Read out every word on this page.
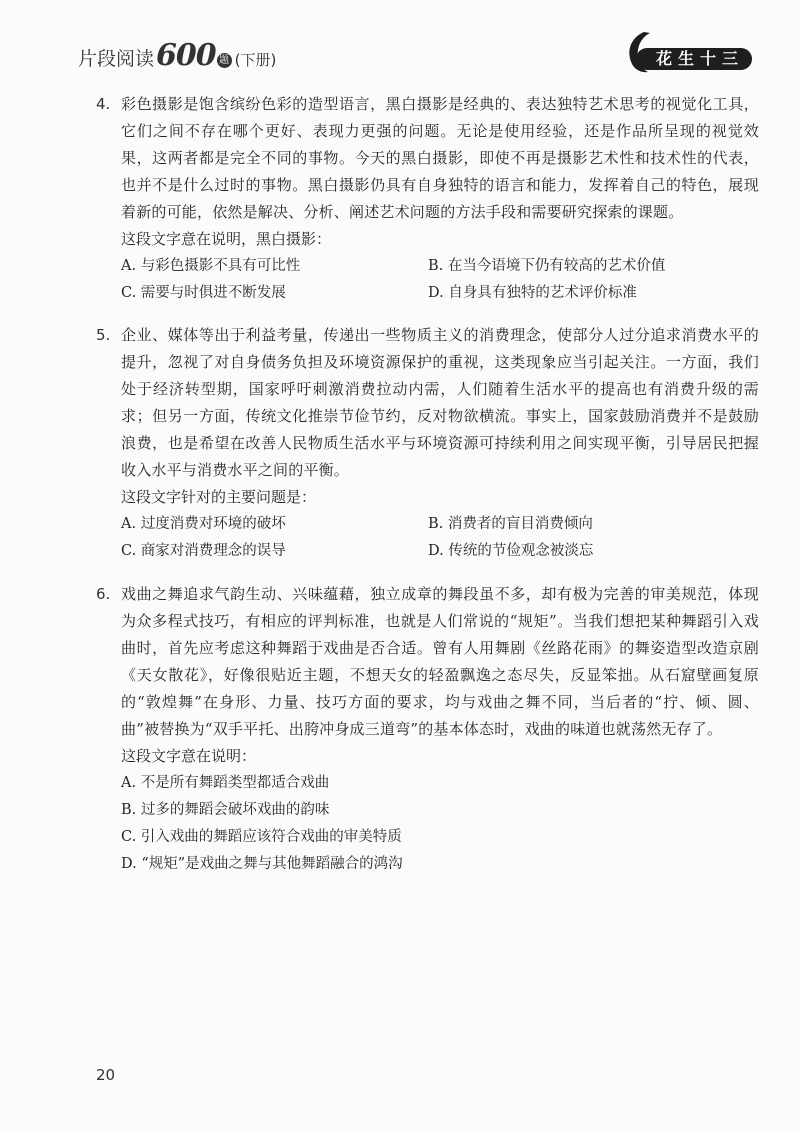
片段阅读 600 题 (下册)	花生十三
4. 彩色摄影是饱含缤纷色彩的造型语言，黑白摄影是经典的、表达独特艺术思考的视觉化工具，它们之间不存在哪个更好、表现力更强的问题。无论是使用经验，还是作品所呈现的视觉效果，这两者都是完全不同的事物。今天的黑白摄影，即使不再是摄影艺术性和技术性的代表，也并不是什么过时的事物。黑白摄影仍具有自身独特的语言和能力，发挥着自己的特色，展现着新的可能，依然是解决、分析、阐述艺术问题的方法手段和需要研究探索的课题。

这段文字意在说明，黑白摄影：
A. 与彩色摄影不具有可比性	B. 在当今语境下仍有较高的艺术价值
C. 需要与时俱进不断发展	D. 自身具有独特的艺术评价标准
5. 企业、媒体等出于利益考量，传递出一些物质主义的消费理念，使部分人过分追求消费水平的提升，忽视了对自身债务负担及环境资源保护的重视，这类现象应当引起关注。一方面，我们处于经济转型期，国家呼吁刺激消费拉动内需，人们随着生活水平的提高也有消费升级的需求；但另一方面，传统文化推崇节俭节约，反对物欲横流。事实上，国家鼓励消费并不是鼓励浪费，也是希望在改善人民物质生活水平与环境资源可持续利用之间实现平衡，引导居民把握收入水平与消费水平之间的平衡。

这段文字针对的主要问题是：
A. 过度消费对环境的破坏	B. 消费者的盲目消费倾向
C. 商家对消费理念的误导	D. 传统的节俭观念被淡忘
6. 戏曲之舞追求气韵生动、兴味蕴藉，独立成章的舞段虽不多，却有极为完善的审美规范，体现为众多程式技巧，有相应的评判标准，也就是人们常说的“规矩”。当我们想把某种舞蹈引入戏曲时，首先应考虑这种舞蹈于戏曲是否合适。曾有人用舞剧《丝路花雨》的舞姿造型改造京剧《天女散花》，好像很贴近主题，不想天女的轻盈飘逸之态尽失，反显笨拙。从石窟壁画复原的“敦煌舞”在身形、力量、技巧方面的要求，均与戏曲之舞不同，当后者的“拧、倾、圆、曲”被替换为“双手平托、出胯冲身成三道弯”的基本体态时，戏曲的味道也就荡然无存了。

这段文字意在说明：
A. 不是所有舞蹈类型都适合戏曲
B. 过多的舞蹈会破坏戏曲的韵味
C. 引入戏曲的舞蹈应该符合戏曲的审美特质
D. “规矩”是戏曲之舞与其他舞蹈融合的鸿沟
20
